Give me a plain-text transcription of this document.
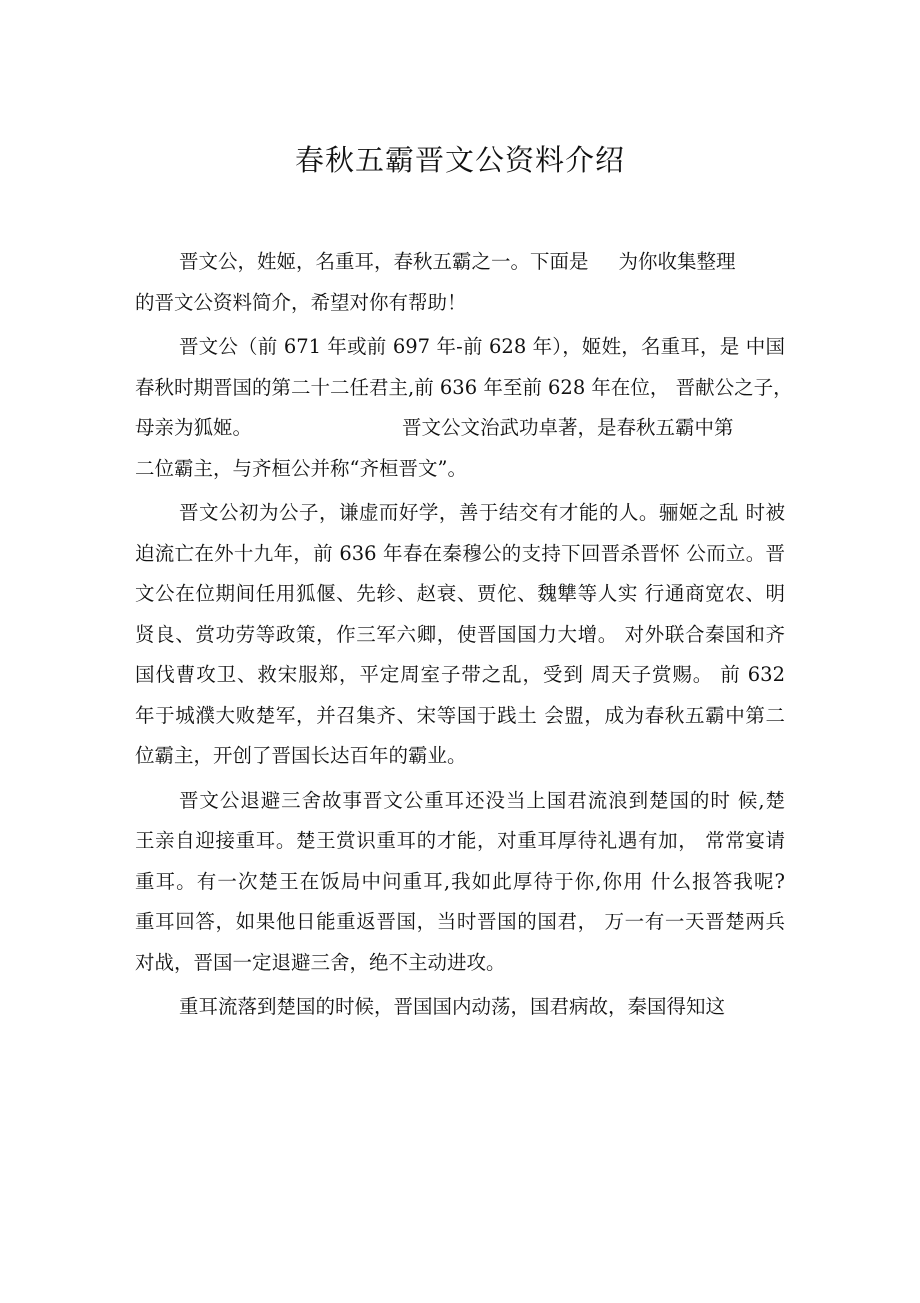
春秋五霸晋文公资料介绍
晋文公，姓姬，名重耳，春秋五霸之一。下面是 为你收集整理
的晋文公资料简介，希望对你有帮助！
晋文公（前 671 年或前 697 年-前 628 年），姬姓，名重耳，是 中国
春秋时期晋国的第二十二任君主,前 636 年至前 628 年在位， 晋献公之子，
母亲为狐姬。	晋文公文治武功卓著，是春秋五霸中第
二位霸主，与齐桓公并称“齐桓晋文”。
晋文公初为公子，谦虚而好学，善于结交有才能的人。骊姬之乱 时被
迫流亡在外十九年，前 636 年春在秦穆公的支持下回晋杀晋怀 公而立。晋
文公在位期间任用狐偃、先轸、赵衰、贾佗、魏犨等人实 行通商宽农、明
贤良、赏功劳等政策，作三军六卿，使晋国国力大增。 对外联合秦国和齐
国伐曹攻卫、救宋服郑，平定周室子带之乱，受到 周天子赏赐。 前 632
年于城濮大败楚军，并召集齐、宋等国于践土 会盟，成为春秋五霸中第二
位霸主，开创了晋国长达百年的霸业。
晋文公退避三舍故事晋文公重耳还没当上国君流浪到楚国的时 候,楚
王亲自迎接重耳。楚王赏识重耳的才能，对重耳厚待礼遇有加， 常常宴请
重耳。有一次楚王在饭局中问重耳,我如此厚待于你,你用 什么报答我呢?
重耳回答，如果他日能重返晋国，当时晋国的国君， 万一有一天晋楚两兵
对战，晋国一定退避三舍，绝不主动进攻。
重耳流落到楚国的时候，晋国国内动荡，国君病故，秦国得知这
